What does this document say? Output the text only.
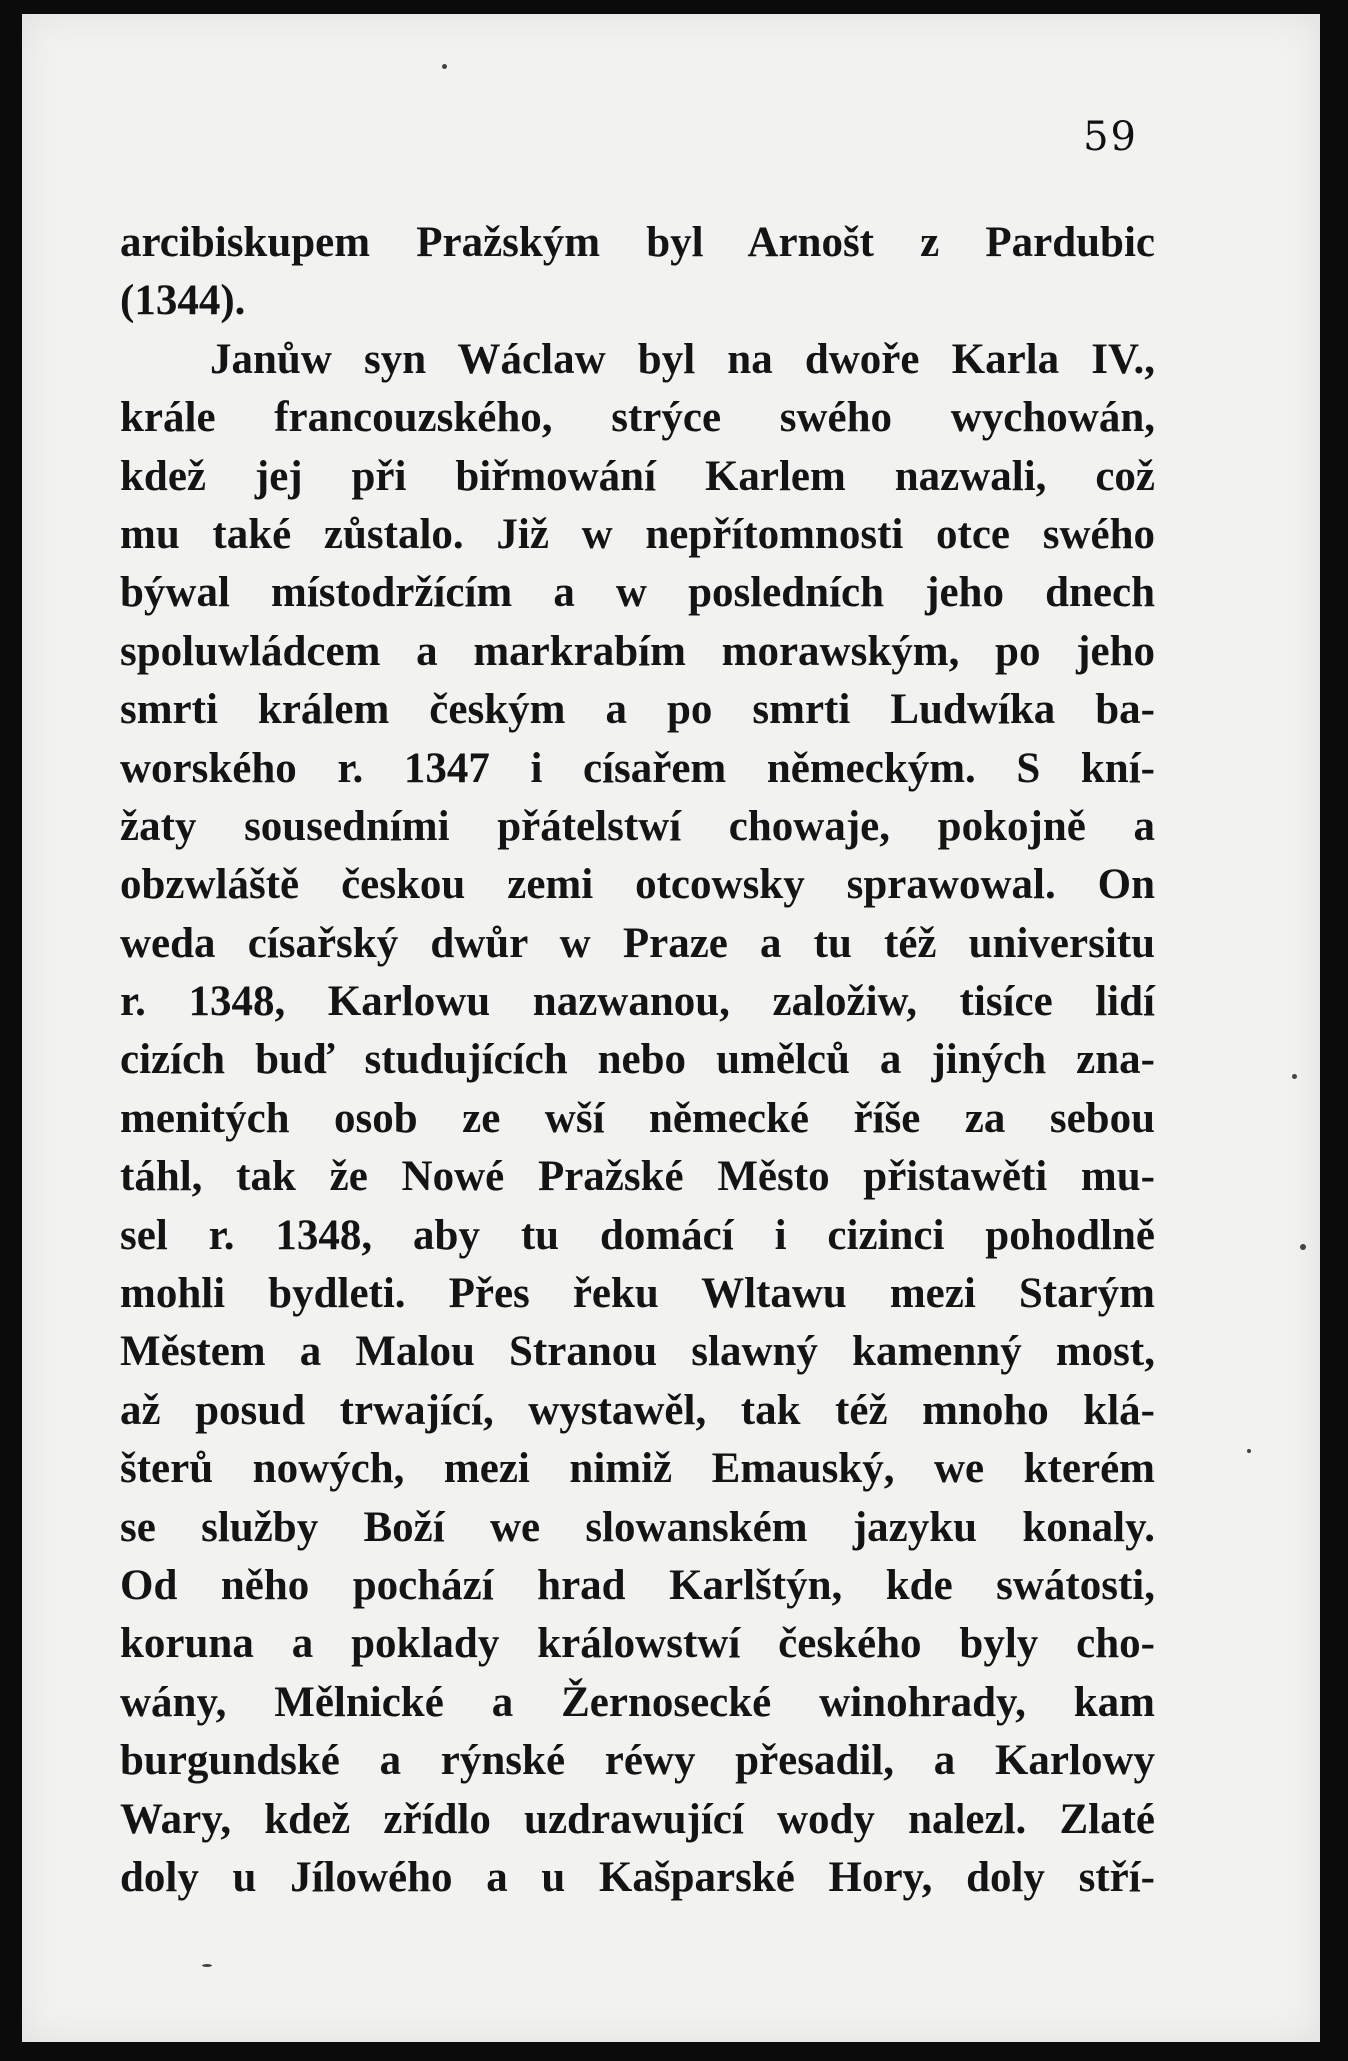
59
arcibiskupem Pražským byl Arnošt z Pardubic
(1344).
Janůw syn Wáclaw byl na dwoře Karla IV.,
krále francouzského, strýce swého wychowán,
kdež jej při biřmowání Karlem nazwali, což
mu také zůstalo. Již w nepřítomnosti otce swého
býwal místodržícím a w posledních jeho dnech
spoluwládcem a markrabím morawským, po jeho
smrti králem českým a po smrti Ludwíka ba-
worského r. 1347 i císařem německým. S kní-
žaty sousedními přátelstwí chowaje, pokojně a
obzwláště českou zemi otcowsky sprawowal. On
weda císařský dwůr w Praze a tu též universitu
r. 1348, Karlowu nazwanou, založiw, tisíce lidí
cizích buď studujících nebo umělců a jiných zna-
menitých osob ze wší německé říše za sebou
táhl, tak že Nowé Pražské Město přistawěti mu-
sel r. 1348, aby tu domácí i cizinci pohodlně
mohli bydleti. Přes řeku Wltawu mezi Starým
Městem a Malou Stranou slawný kamenný most,
až posud trwající, wystawěl, tak též mnoho klá-
šterů nowých, mezi nimiž Emauský, we kterém
se služby Boží we slowanském jazyku konaly.
Od něho pochází hrad Karlštýn, kde swátosti,
koruna a poklady králowstwí českého byly cho-
wány, Mělnické a Žernosecké winohrady, kam
burgundské a rýnské réwy přesadil, a Karlowy
Wary, kdež zřídlo uzdrawující wody nalezl. Zlaté
doly u Jílowého a u Kašparské Hory, doly stří-
